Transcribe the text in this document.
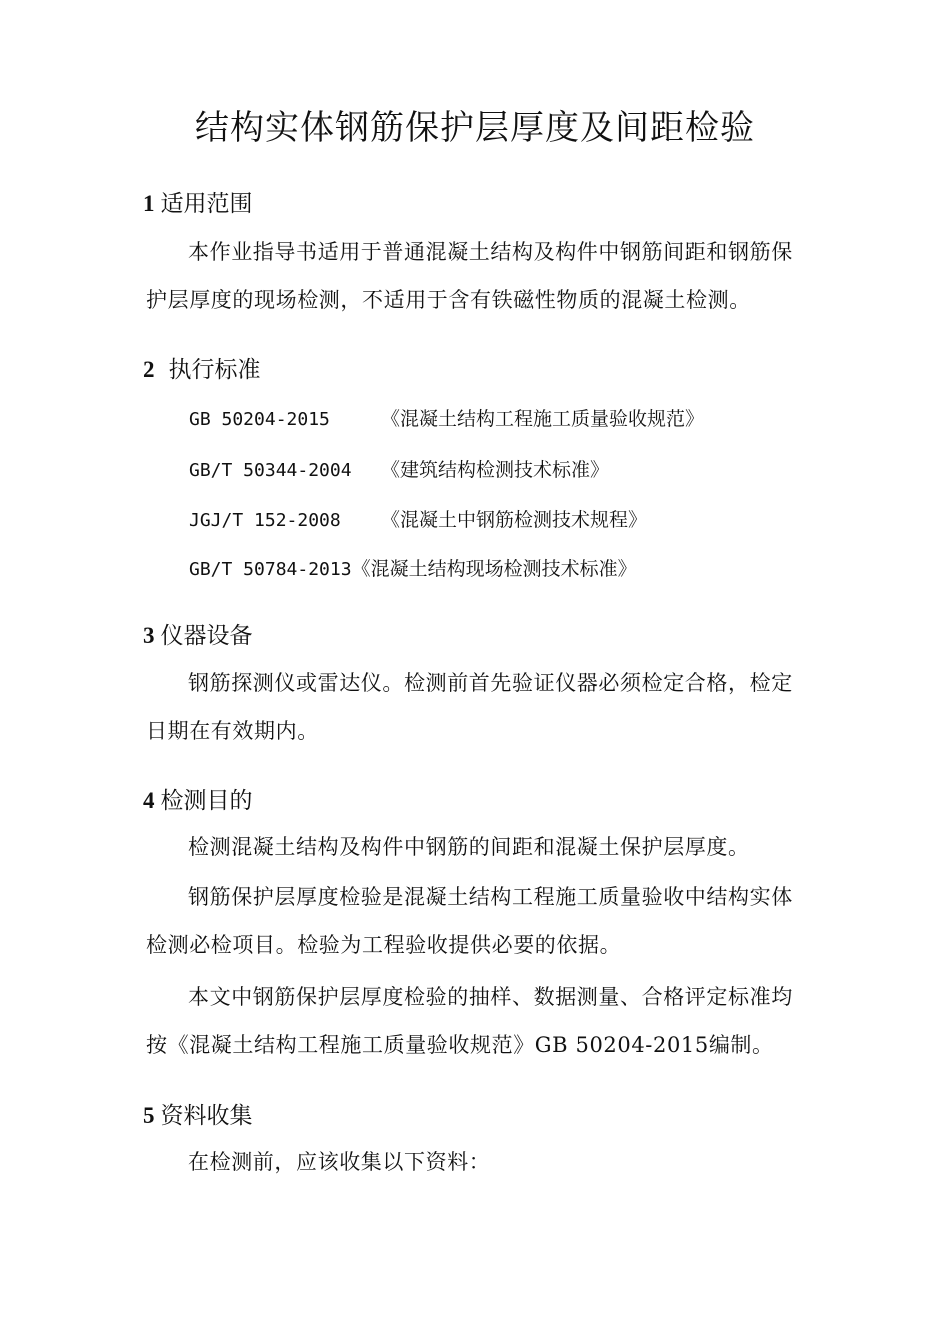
结构实体钢筋保护层厚度及间距检验
1 适用范围
本作业指导书适用于普通混凝土结构及构件中钢筋间距和钢筋保护层厚度的现场检测，不适用于含有铁磁性物质的混凝土检测。
2 执行标准
GB 50204-2015	《混凝土结构工程施工质量验收规范》
GB/T 50344-2004 《建筑结构检测技术标准》
JGJ/T 152-2008 《混凝土中钢筋检测技术规程》
GB/T 50784-2013《混凝土结构现场检测技术标准》
3 仪器设备
钢筋探测仪或雷达仪。检测前首先验证仪器必须检定合格，检定日期在有效期内。
4 检测目的
检测混凝土结构及构件中钢筋的间距和混凝土保护层厚度。
钢筋保护层厚度检验是混凝土结构工程施工质量验收中结构实体检测必检项目。检验为工程验收提供必要的依据。
本文中钢筋保护层厚度检验的抽样、数据测量、合格评定标准均按《混凝土结构工程施工质量验收规范》GB 50204-2015编制。
5 资料收集
在检测前，应该收集以下资料：
